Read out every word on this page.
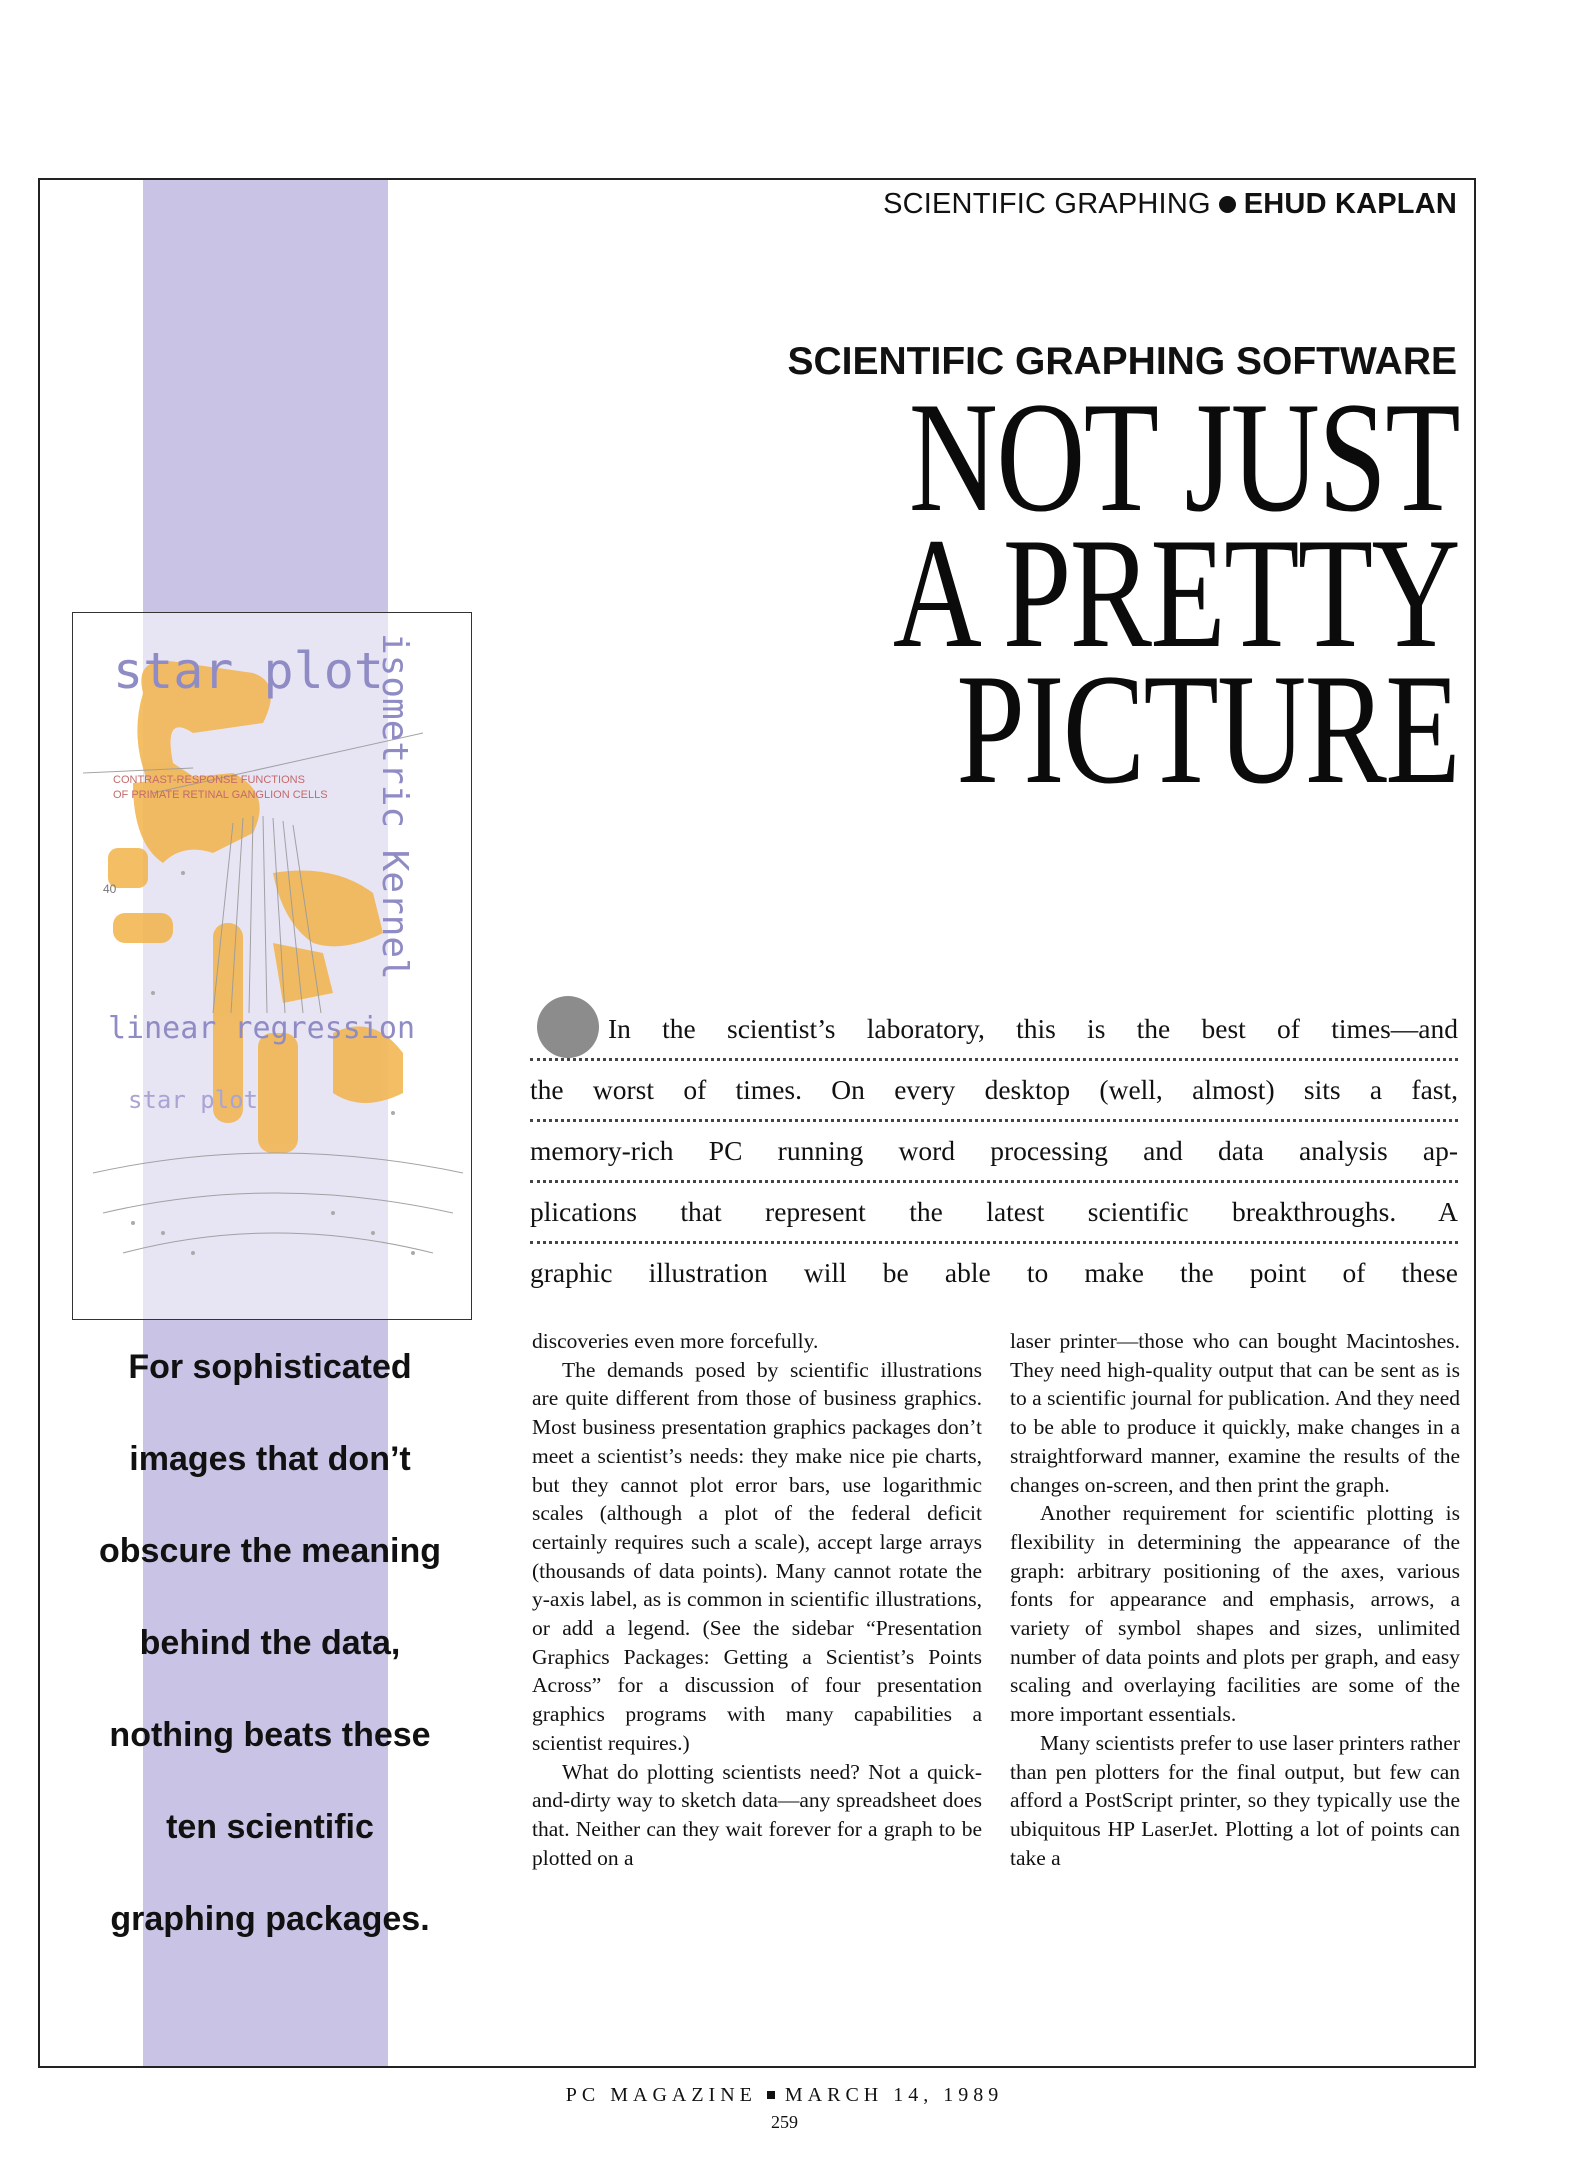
SCIENTIFIC GRAPHING EHUD KAPLAN
SCIENTIFIC GRAPHING SOFTWARE
NOT JUST
A PRETTY
PICTURE
star plot
isometric Kernel
CONTRAST-RESPONSE FUNCTIONS
OF PRIMATE RETINAL GANGLION CELLS
40
linear regression
star plot
For sophisticated
images that don’t
obscure the meaning
behind the data,
nothing beats these
ten scientific
graphing packages.
In the scientist’s laboratory, this is the best of times—and
the worst of times. On every desktop (well, almost) sits a fast,
memory-rich PC running word processing and data analysis ap-
plications that represent the latest scientific breakthroughs. A
graphic illustration will be able to make the point of these

discoveries even more forcefully.

The demands posed by scientific illustrations are quite different from those of business graphics. Most business presentation graphics packages don’t meet a scientist’s needs: they make nice pie charts, but they cannot plot error bars, use logarithmic scales (although a plot of the federal deficit certainly requires such a scale), accept large arrays (thousands of data points). Many cannot rotate the y-axis label, as is common in scientific illustrations, or add a legend. (See the sidebar “Presentation Graphics Packages: Getting a Scientist’s Points Across” for a discussion of four presentation graphics programs with many capabilities a scientist requires.)

What do plotting scientists need? Not a quick-and-dirty way to sketch data—any spreadsheet does that. Neither can they wait forever for a graph to be plotted on a

laser printer—those who can bought Macintoshes. They need high-quality output that can be sent as is to a scientific journal for publication. And they need to be able to produce it quickly, make changes in a straightforward manner, examine the results of the changes on-screen, and then print the graph.

Another requirement for scientific plotting is flexibility in determining the appearance of the graph: arbitrary positioning of the axes, various fonts for appearance and emphasis, arrows, a variety of symbol shapes and sizes, unlimited number of data points and plots per graph, and easy scaling and overlaying facilities are some of the more important essentials.

Many scientists prefer to use laser printers rather than pen plotters for the final output, but few can afford a PostScript printer, so they typically use the ubiquitous HP LaserJet. Plotting a lot of points can take a

PC MAGAZINE MARCH 14, 1989
259
